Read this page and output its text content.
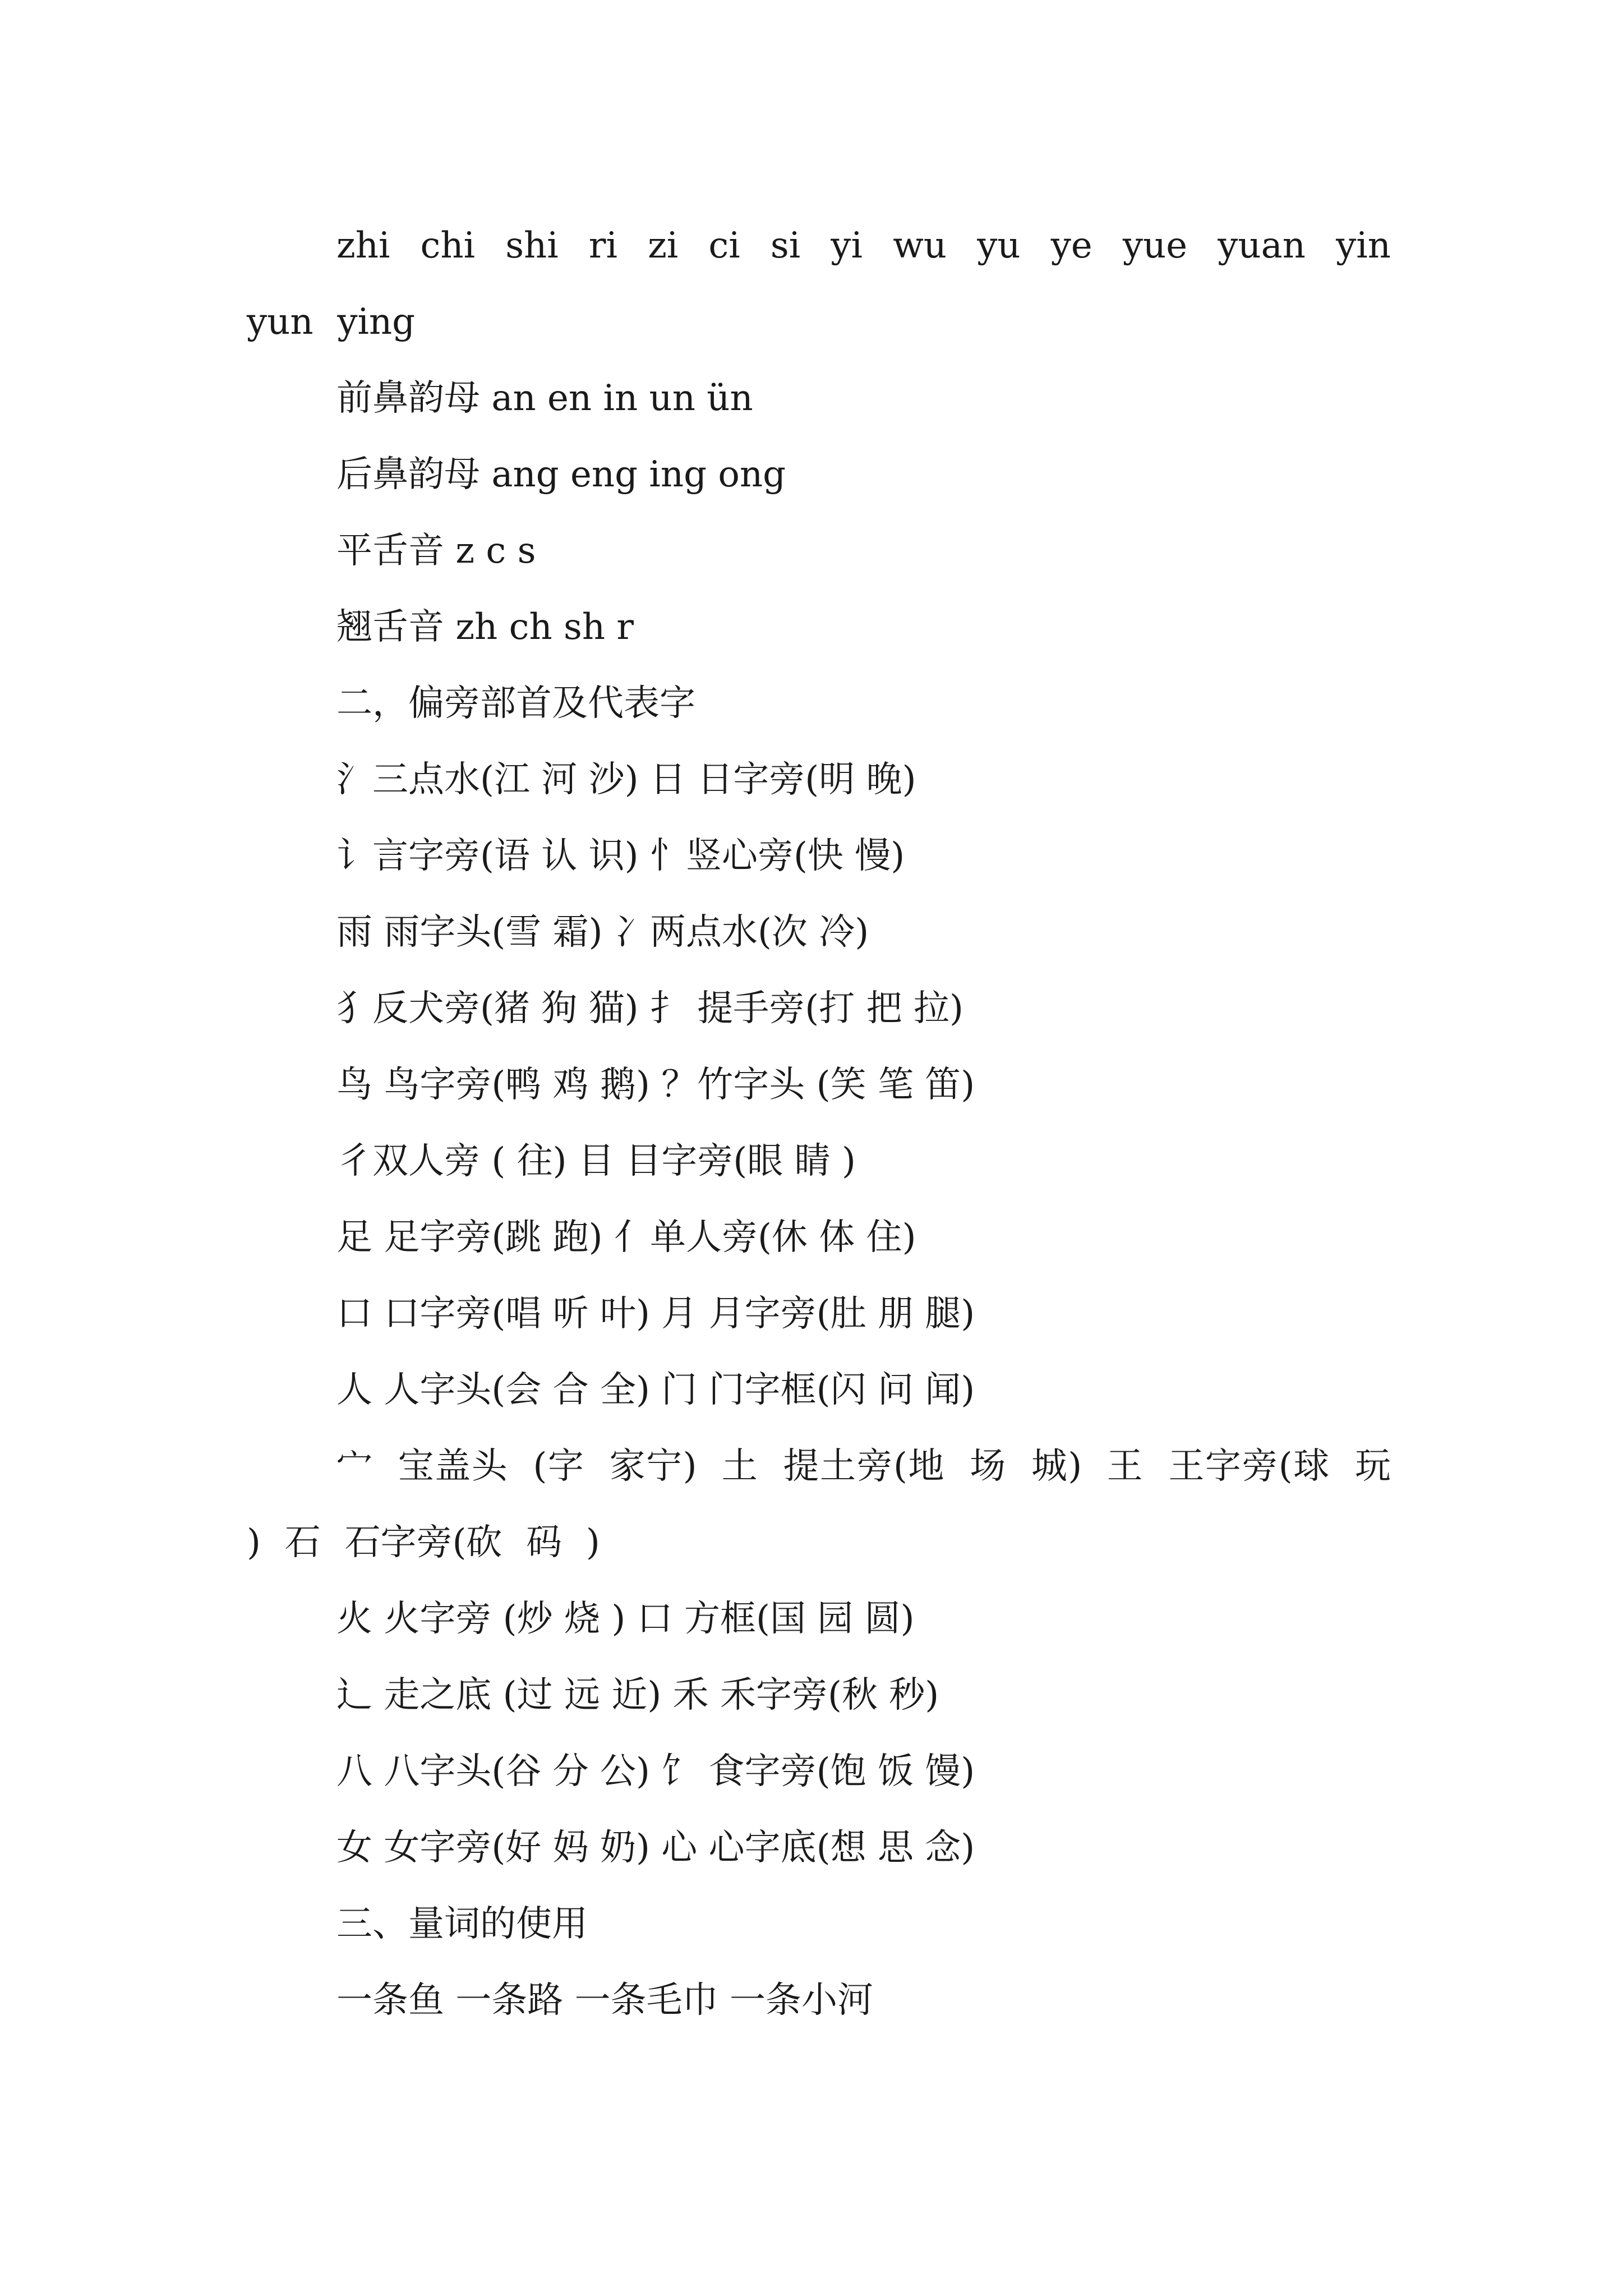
zhi chi shi ri zi ci si yi wu yu ye yue yuan yin yun ying

前鼻韵母 an en in un ün

后鼻韵母 ang eng ing ong

平舌音 z c s

翘舌音 zh ch sh r

二，偏旁部首及代表字

氵三点水(江 河 沙) 日 日字旁(明 晚)

讠言字旁(语 认 识) 忄竖心旁(快 慢)

雨 雨字头(雪 霜) 冫两点水(次 冷)

犭反犬旁(猪 狗 猫) 扌 提手旁(打 把 拉)

鸟 鸟字旁(鸭 鸡 鹅) ？竹字头 (笑 笔 笛)

彳双人旁 ( 往) 目 目字旁(眼 睛 )

足 足字旁(跳 跑) 亻单人旁(休 体 住)

口 口字旁(唱 听 叶) 月 月字旁(肚 朋 腿)

人 人字头(会 合 全) 门 门字框(闪 问 闻)

宀 宝盖头 (字 家宁) 土 提土旁(地 场 城) 王 王字旁(球 玩 ) 石 石字旁(砍 码 )

火 火字旁 (炒 烧 ) 口 方框(国 园 圆)

辶 走之底 (过 远 近) 禾 禾字旁(秋 秒)

八 八字头(谷 分 公) 饣 食字旁(饱 饭 馒)

女 女字旁(好 妈 奶) 心 心字底(想 思 念)

三、量词的使用

一条鱼 一条路 一条毛巾 一条小河
